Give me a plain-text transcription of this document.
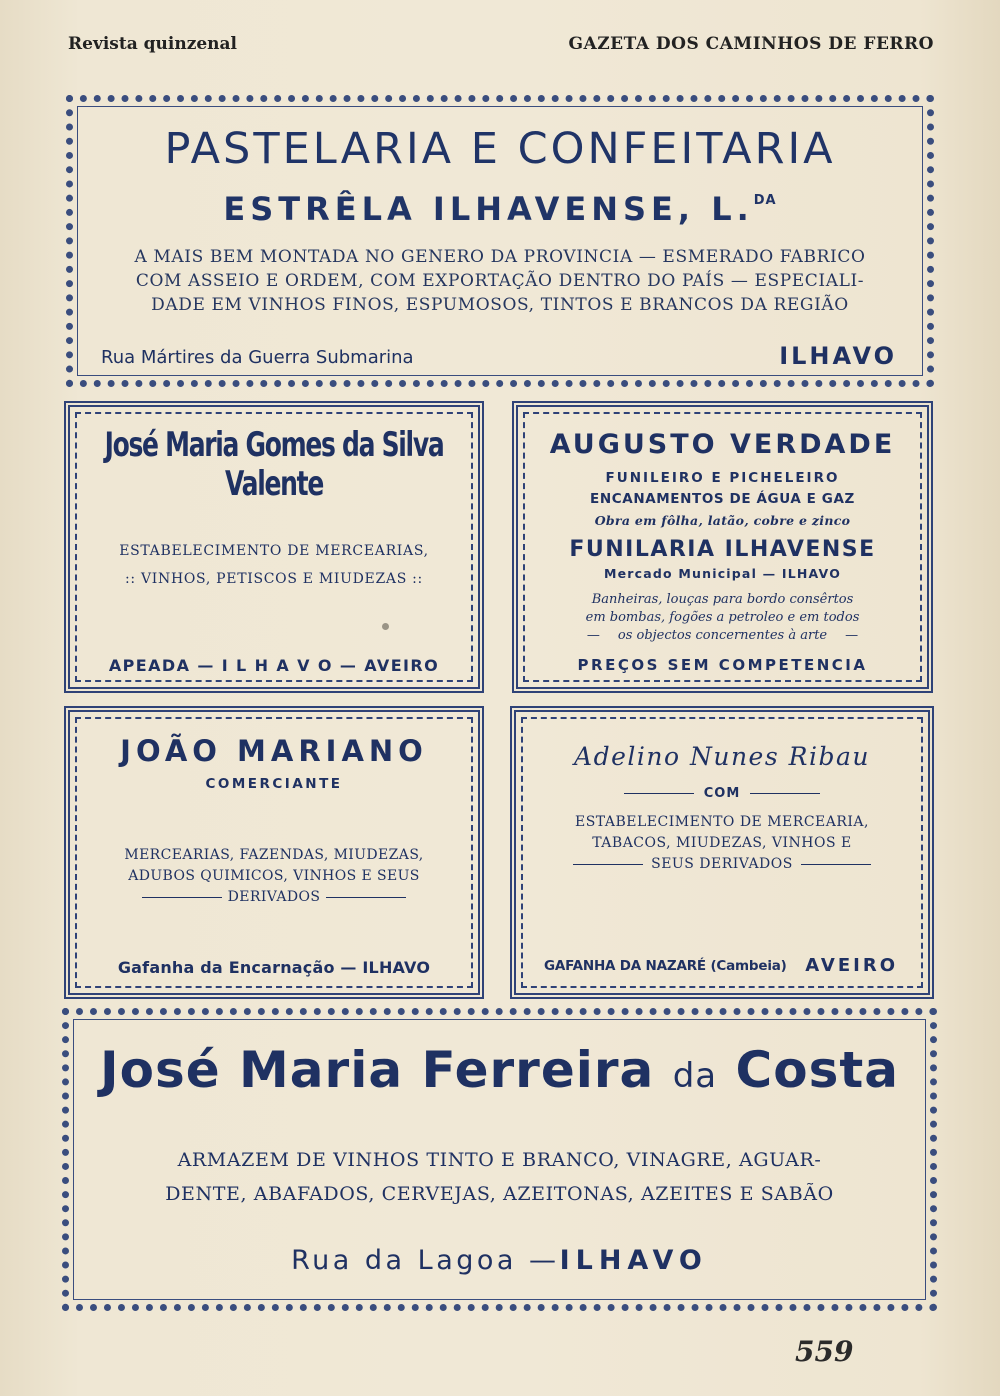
Revista quinzenal	GAZETA DOS CAMINHOS DE FERRO
PASTELARIA E CONFEITARIA
ESTRÊLA ILHAVENSE, L.$^{DA}$
A MAIS BEM MONTADA NO GENERO DA PROVINCIA — ESMERADO FABRICO
COM ASSEIO E ORDEM, COM EXPORTAÇÃO DENTRO DO PAÍS — ESPECIALI-
DADE EM VINHOS FINOS, ESPUMOSOS, TINTOS E BRANCOS DA REGIÃO
Rua Mártires da Guerra Submarina	ILHAVO
José Maria Gomes da Silva Valente
ESTABELECIMENTO DE MERCEARIAS,
:: VINHOS, PETISCOS E MIUDEZAS ::
APEADA — I L H A V O — AVEIRO
AUGUSTO VERDADE
FUNILEIRO E PICHELEIRO
ENCANAMENTOS DE ÁGUA E GAZ
Obra em fôlha, latão, cobre e zinco
FUNILARIA ILHAVENSE
Mercado Municipal — ILHAVO
Banheiras, louças para bordo consêrtos
em bombas, fogões a petroleo e em todos
— os objectos concernentes à arte —
PREÇOS SEM COMPETENCIA
JOÃO MARIANO
COMERCIANTE
MERCEARIAS, FAZENDAS, MIUDEZAS,
ADUBOS QUIMICOS, VINHOS E SEUS
DERIVADOS
Gafanha da Encarnação — ILHAVO
Adelino Nunes Ribau
COM
ESTABELECIMENTO DE MERCEARIA,
TABACOS, MIUDEZAS, VINHOS E
SEUS DERIVADOS
GAFANHA DA NAZARÉ (Cambeia) AVEIRO
José Maria Ferreira da Costa
ARMAZEM DE VINHOS TINTO E BRANCO, VINAGRE, AGUAR-
DENTE, ABAFADOS, CERVEJAS, AZEITONAS, AZEITES E SABÃO
Rua da Lagoa —ILHAVO
559
